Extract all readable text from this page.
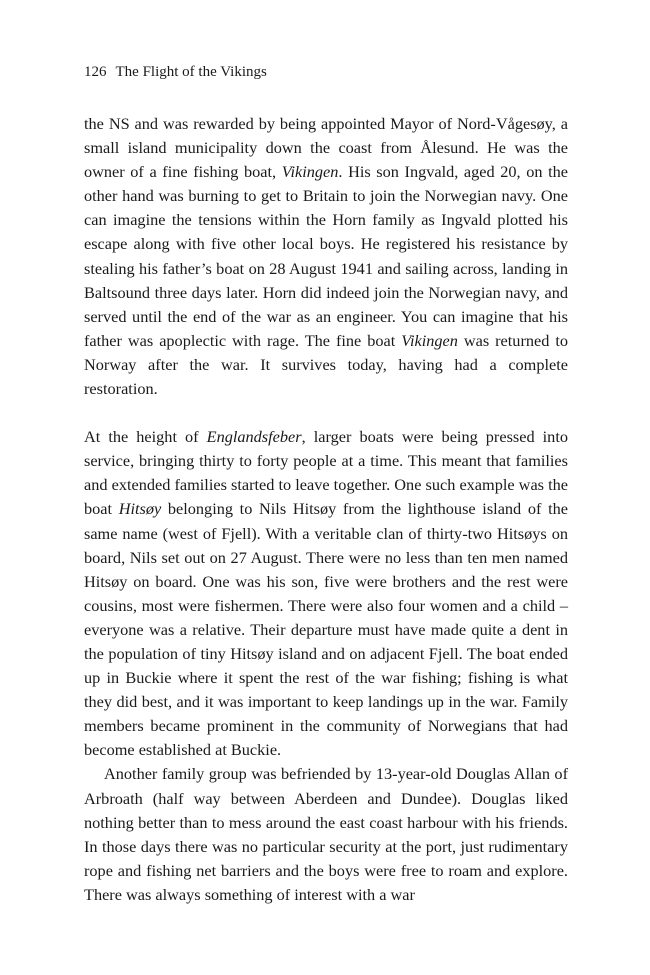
126 The Flight of the Vikings

the NS and was rewarded by being appointed Mayor of Nord-Vågesøy, a small island municipality down the coast from Ålesund. He was the owner of a fine fishing boat, Vikingen. His son Ingvald, aged 20, on the other hand was burning to get to Britain to join the Norwegian navy. One can imagine the tensions within the Horn family as Ingvald plotted his escape along with five other local boys. He registered his resistance by stealing his father’s boat on 28 August 1941 and sailing across, landing in Baltsound three days later. Horn did indeed join the Norwegian navy, and served until the end of the war as an engineer. You can imagine that his father was apoplectic with rage. The fine boat Vikingen was returned to Norway after the war. It survives today, having had a complete restoration.

At the height of Englandsfeber, larger boats were being pressed into service, bringing thirty to forty people at a time. This meant that families and extended families started to leave together. One such example was the boat Hitsøy belonging to Nils Hitsøy from the lighthouse island of the same name (west of Fjell). With a veritable clan of thirty-two Hitsøys on board, Nils set out on 27 August. There were no less than ten men named Hitsøy on board. One was his son, five were brothers and the rest were cousins, most were fishermen. There were also four women and a child – everyone was a relative. Their departure must have made quite a dent in the population of tiny Hitsøy island and on adjacent Fjell. The boat ended up in Buckie where it spent the rest of the war fishing; fishing is what they did best, and it was important to keep landings up in the war. Family members became prominent in the community of Norwegians that had become established at Buckie.

Another family group was befriended by 13-year-old Douglas Allan of Arbroath (half way between Aberdeen and Dundee). Douglas liked nothing better than to mess around the east coast harbour with his friends. In those days there was no particular security at the port, just rudimentary rope and fishing net barriers and the boys were free to roam and explore. There was always something of interest with a war
